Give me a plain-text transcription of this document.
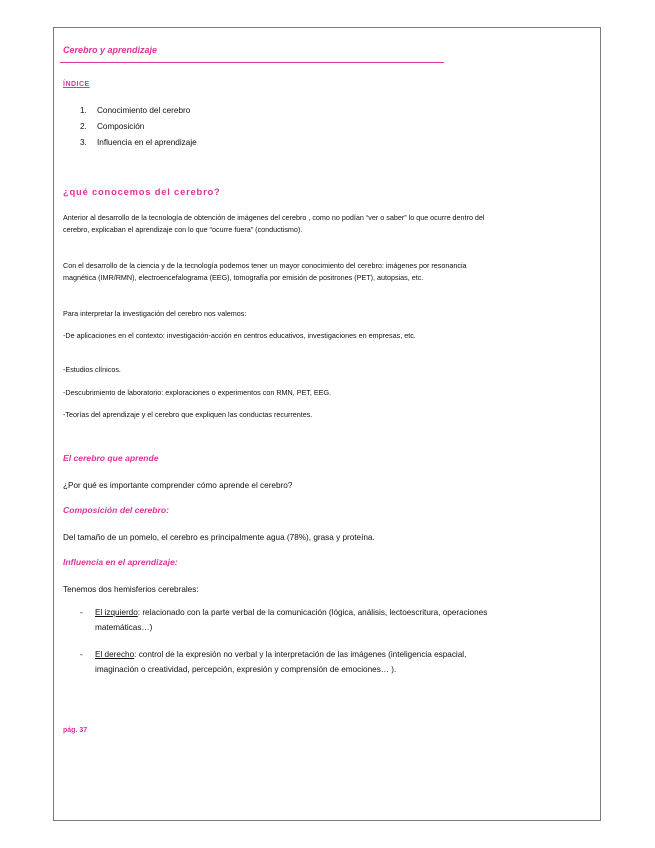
Cerebro y aprendizaje
ÍNDICE
1.	Conocimiento del cerebro
2.	Composición
3.	Influencia en el aprendizaje
¿qué conocemos del cerebro?

Anterior al desarrollo de la tecnología de obtención de imágenes del cerebro , como no podían “ver o saber” lo que ocurre dentro del cerebro, explicaban el aprendizaje con lo que “ocurre fuera” (conductismo).

Con el desarrollo de la ciencia y de la tecnología podemos tener un mayor conocimiento del cerebro: imágenes por resonancia magnética (IMR/RMN), electroencefalograma (EEG), tomografía por emisión de positrones (PET), autopsias, etc.

Para interpretar la investigación del cerebro nos valemos:

-De aplicaciones en el contexto: investigación-acción en centros educativos, investigaciones en empresas, etc.

-Estudios clínicos.

-Descubrimiento de laboratorio: exploraciones o experimentos con RMN, PET, EEG.

-Teorías del aprendizaje y el cerebro que expliquen las conductas recurrentes.

El cerebro que aprende

¿Por qué es importante comprender cómo aprende el cerebro?

Composición del cerebro:

Del tamaño de un pomelo, el cerebro es principalmente agua (78%), grasa y proteína.

Influencia en el aprendizaje:

Tenemos dos hemisferios cerebrales:

-	El izquierdo: relacionado con la parte verbal de la comunicación (lógica, análisis, lectoescritura, operaciones matemáticas…)
-	El derecho: control de la expresión no verbal y la interpretación de las imágenes (inteligencia espacial, imaginación o creatividad, percepción, expresión y comprensión de emociones… ).
pág. 37
